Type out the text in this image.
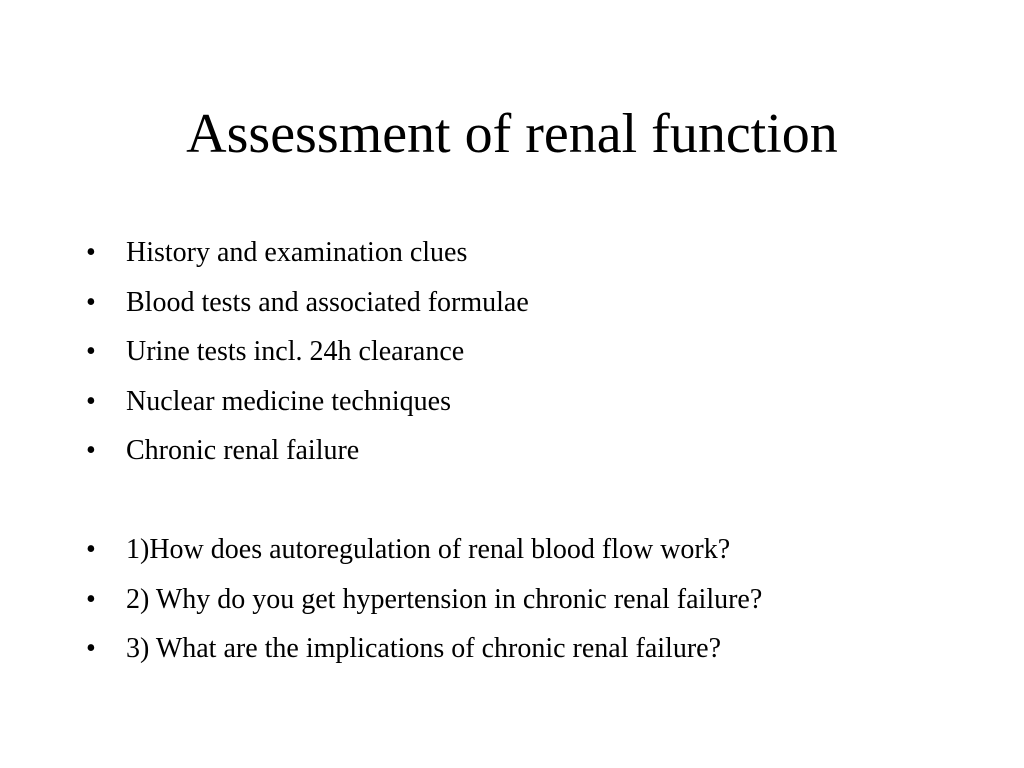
Assessment of renal function
•	History and examination clues
•	Blood tests and associated formulae
•	Urine tests incl. 24h clearance
•	Nuclear medicine techniques
•	Chronic renal failure
•	1)How does autoregulation of renal blood flow work?
•	2) Why do you get hypertension in chronic renal failure?
•	3) What are the implications of chronic renal failure?
